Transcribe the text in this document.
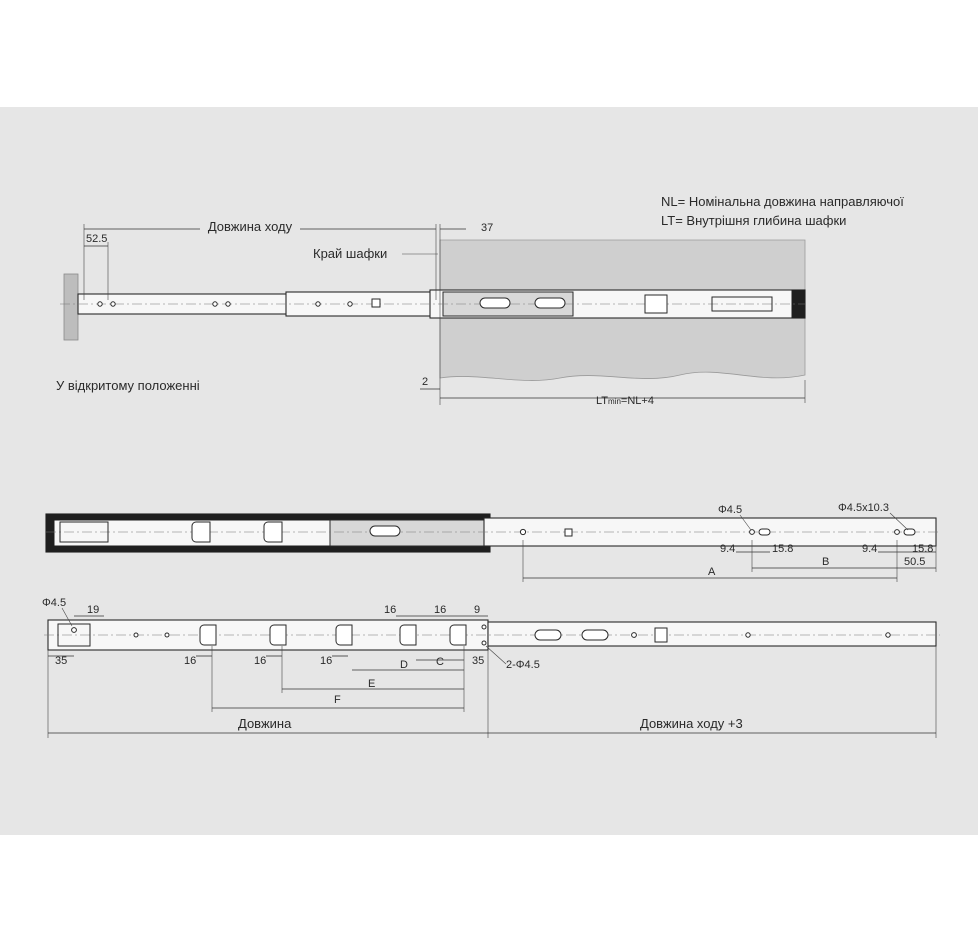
NL= Номінальна довжина направляючої
LT= Внутрішня глибина шафки
Довжина ходу
52.5
37
Край шафки
У відкритому положенні	2
LTmin=NL+4
Φ4.5	Φ4.5x10.3
9.4	15.8	9.4	15.8
B	50.5
A
Φ4.5
19
35	16	16	16
16	16	9
35 2-Φ4.5
C
D
E
F
Довжина	Довжина ходу +3
